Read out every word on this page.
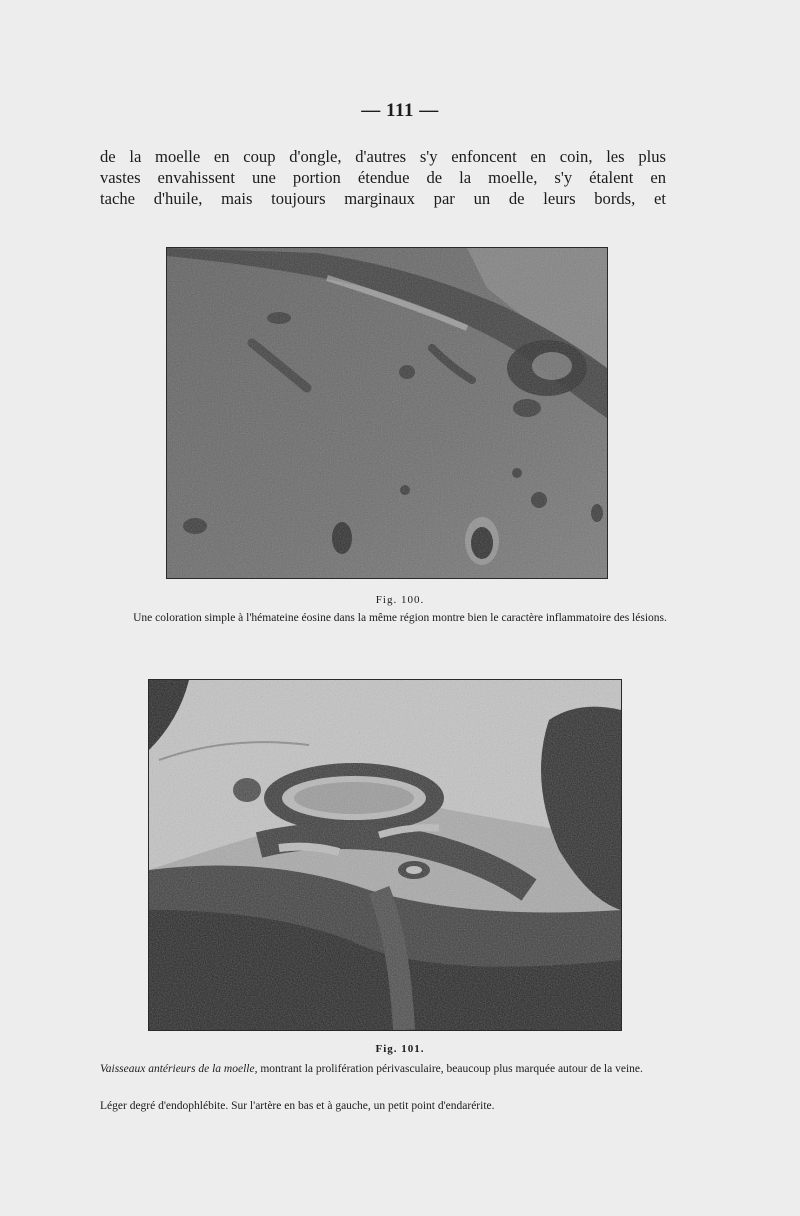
— 111 —
de la moelle en coup d'ongle, d'autres s'y enfoncent en coin, les plus
vastes envahissent une portion étendue de la moelle, s'y étalent en
tache d'huile, mais toujours marginaux par un de leurs bords, et
Fig. 100.
Une coloration simple à l'hémateine éosine dans la même région montre bien le caractère inflammatoire des lésions.
Fig. 101.
Vaisseaux antérieurs de la moelle, montrant la prolifération périvasculaire, beaucoup plus marquée autour de la veine.
Léger degré d'endophlébite. Sur l'artère en bas et à gauche, un petit point d'endarérite.
